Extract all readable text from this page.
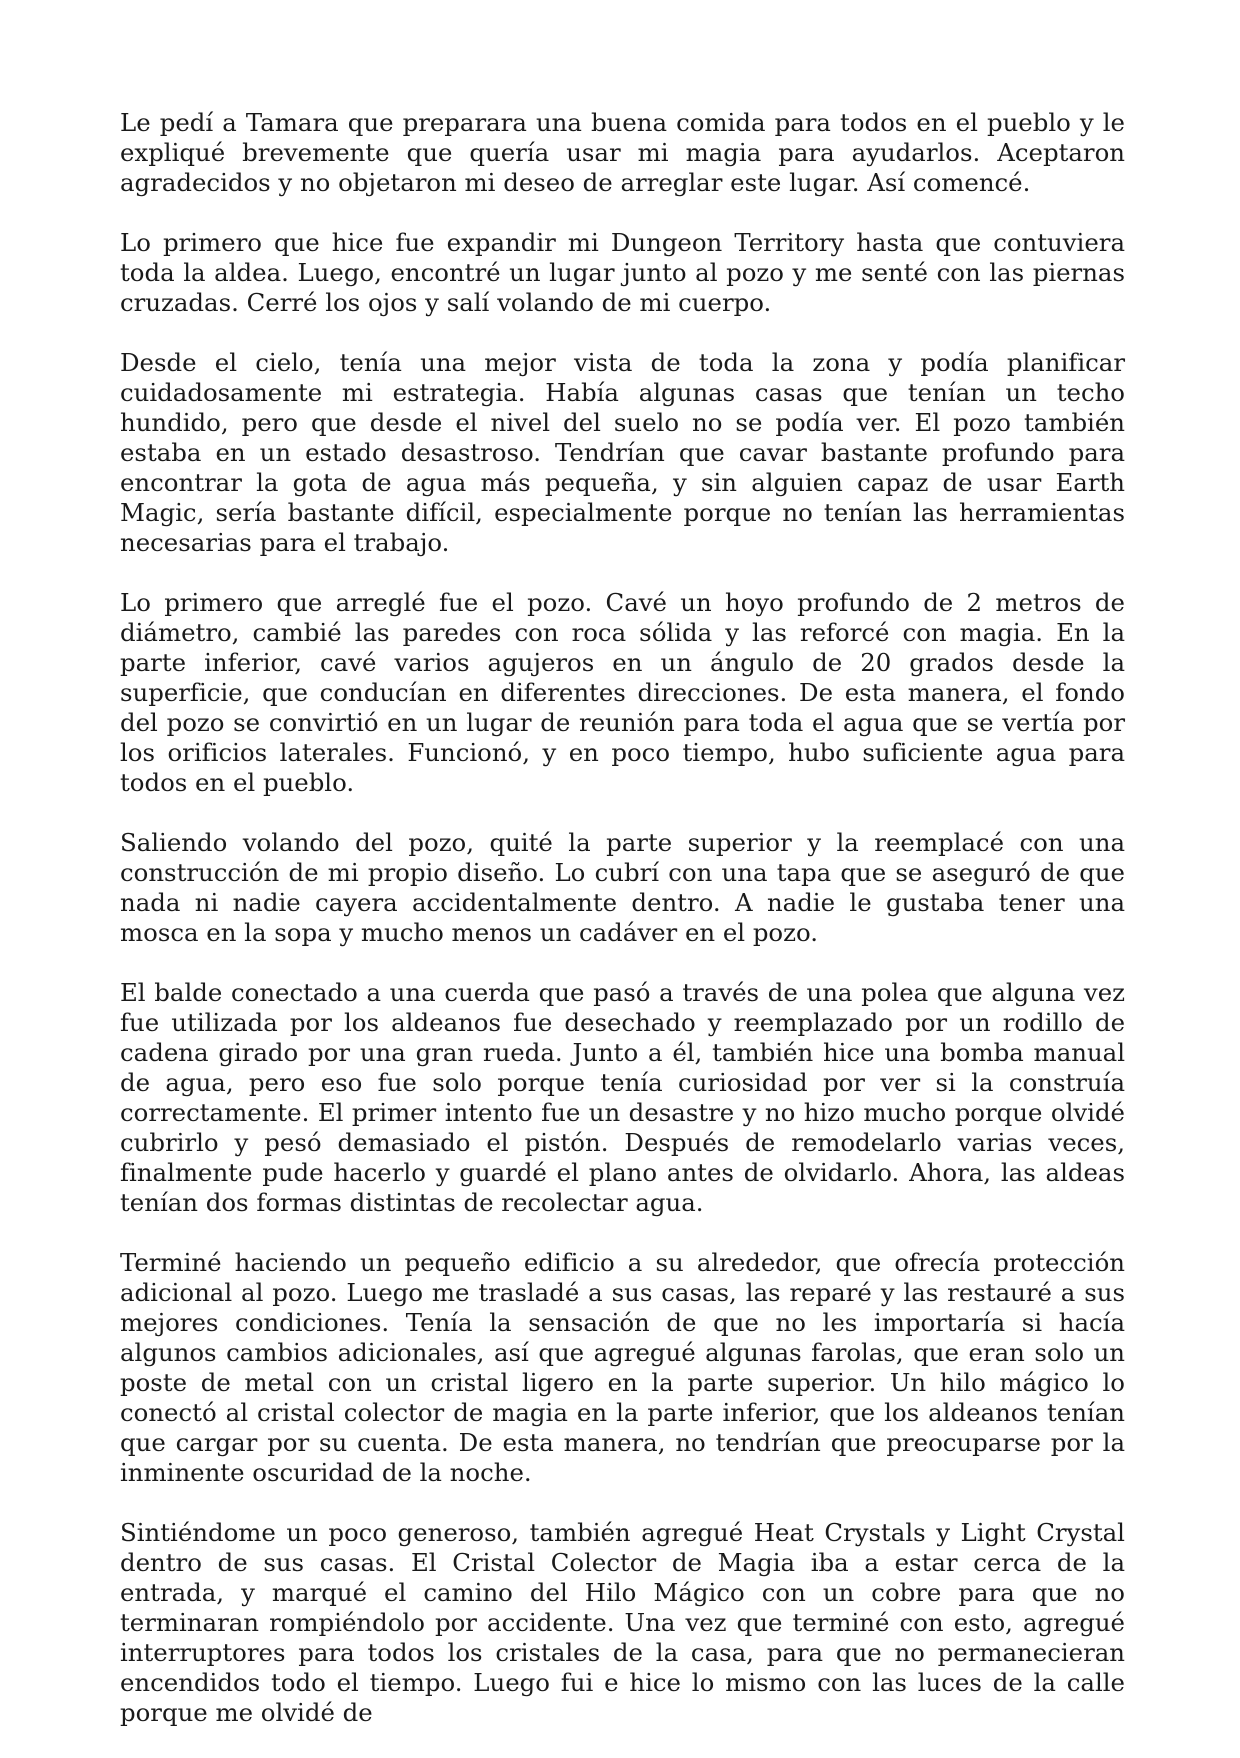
Le pedí a Tamara que preparara una buena comida para todos en el pueblo y le expliqué brevemente que quería usar mi magia para ayudarlos. Aceptaron agradecidos y no objetaron mi deseo de arreglar este lugar. Así comencé.

Lo primero que hice fue expandir mi Dungeon Territory hasta que contuviera toda la aldea. Luego, encontré un lugar junto al pozo y me senté con las piernas cruzadas. Cerré los ojos y salí volando de mi cuerpo.

Desde el cielo, tenía una mejor vista de toda la zona y podía planificar cuidadosamente mi estrategia. Había algunas casas que tenían un techo hundido, pero que desde el nivel del suelo no se podía ver. El pozo también estaba en un estado desastroso. Tendrían que cavar bastante profundo para encontrar la gota de agua más pequeña, y sin alguien capaz de usar Earth Magic, sería bastante difícil, especialmente porque no tenían las herramientas necesarias para el trabajo.

Lo primero que arreglé fue el pozo. Cavé un hoyo profundo de 2 metros de diámetro, cambié las paredes con roca sólida y las reforcé con magia. En la parte inferior, cavé varios agujeros en un ángulo de 20 grados desde la superficie, que conducían en diferentes direcciones. De esta manera, el fondo del pozo se convirtió en un lugar de reunión para toda el agua que se vertía por los orificios laterales. Funcionó, y en poco tiempo, hubo suficiente agua para todos en el pueblo.

Saliendo volando del pozo, quité la parte superior y la reemplacé con una construcción de mi propio diseño. Lo cubrí con una tapa que se aseguró de que nada ni nadie cayera accidentalmente dentro. A nadie le gustaba tener una mosca en la sopa y mucho menos un cadáver en el pozo.

El balde conectado a una cuerda que pasó a través de una polea que alguna vez fue utilizada por los aldeanos fue desechado y reemplazado por un rodillo de cadena girado por una gran rueda. Junto a él, también hice una bomba manual de agua, pero eso fue solo porque tenía curiosidad por ver si la construía correctamente. El primer intento fue un desastre y no hizo mucho porque olvidé cubrirlo y pesó demasiado el pistón. Después de remodelarlo varias veces, finalmente pude hacerlo y guardé el plano antes de olvidarlo. Ahora, las aldeas tenían dos formas distintas de recolectar agua.

Terminé haciendo un pequeño edificio a su alrededor, que ofrecía protección adicional al pozo. Luego me trasladé a sus casas, las reparé y las restauré a sus mejores condiciones. Tenía la sensación de que no les importaría si hacía algunos cambios adicionales, así que agregué algunas farolas, que eran solo un poste de metal con un cristal ligero en la parte superior. Un hilo mágico lo conectó al cristal colector de magia en la parte inferior, que los aldeanos tenían que cargar por su cuenta. De esta manera, no tendrían que preocuparse por la inminente oscuridad de la noche.

Sintiéndome un poco generoso, también agregué Heat Crystals y Light Crystal dentro de sus casas. El Cristal Colector de Magia iba a estar cerca de la entrada, y marqué el camino del Hilo Mágico con un cobre para que no terminaran rompiéndolo por accidente. Una vez que terminé con esto, agregué interruptores para todos los cristales de la casa, para que no permanecieran encendidos todo el tiempo. Luego fui e hice lo mismo con las luces de la calle porque me olvidé de
